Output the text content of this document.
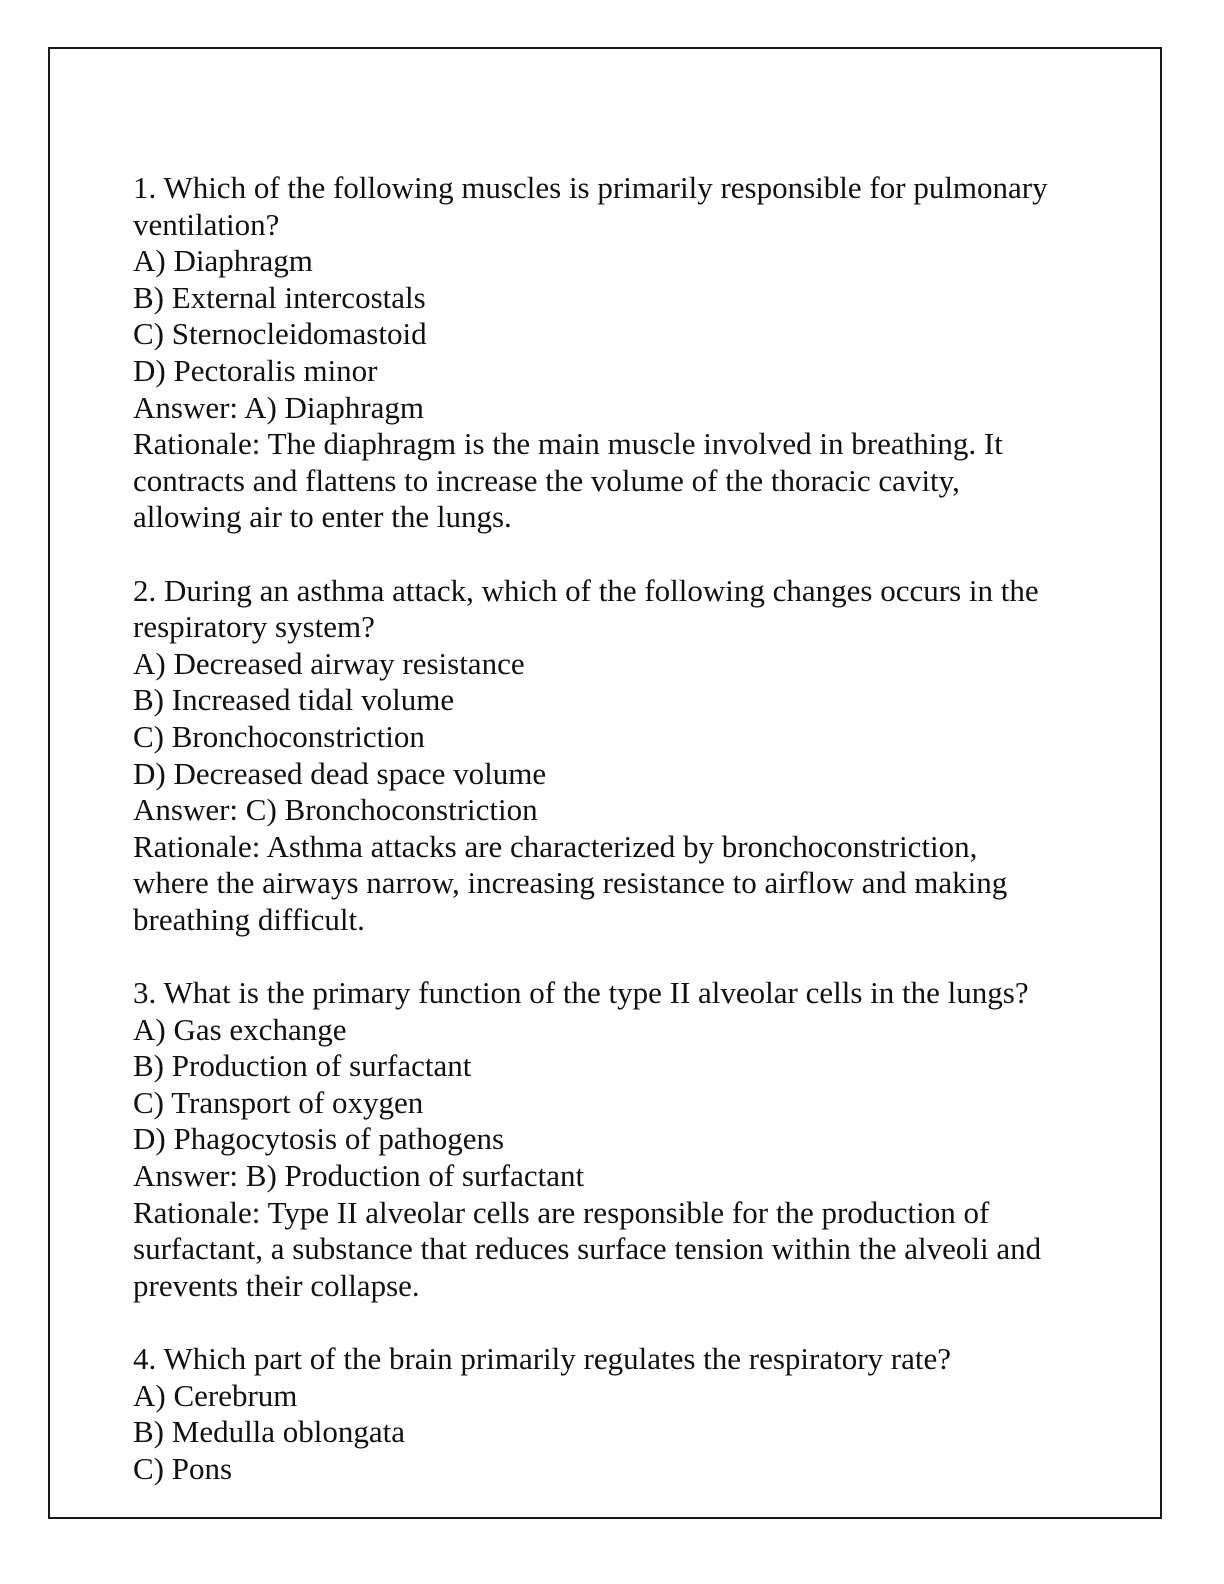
1. Which of the following muscles is primarily responsible for pulmonary
ventilation?
A) Diaphragm
B) External intercostals
C) Sternocleidomastoid
D) Pectoralis minor
Answer: A) Diaphragm
Rationale: The diaphragm is the main muscle involved in breathing. It
contracts and flattens to increase the volume of the thoracic cavity,
allowing air to enter the lungs.
2. During an asthma attack, which of the following changes occurs in the
respiratory system?
A) Decreased airway resistance
B) Increased tidal volume
C) Bronchoconstriction
D) Decreased dead space volume
Answer: C) Bronchoconstriction
Rationale: Asthma attacks are characterized by bronchoconstriction,
where the airways narrow, increasing resistance to airflow and making
breathing difficult.
3. What is the primary function of the type II alveolar cells in the lungs?
A) Gas exchange
B) Production of surfactant
C) Transport of oxygen
D) Phagocytosis of pathogens
Answer: B) Production of surfactant
Rationale: Type II alveolar cells are responsible for the production of
surfactant, a substance that reduces surface tension within the alveoli and
prevents their collapse.
4. Which part of the brain primarily regulates the respiratory rate?
A) Cerebrum
B) Medulla oblongata
C) Pons
